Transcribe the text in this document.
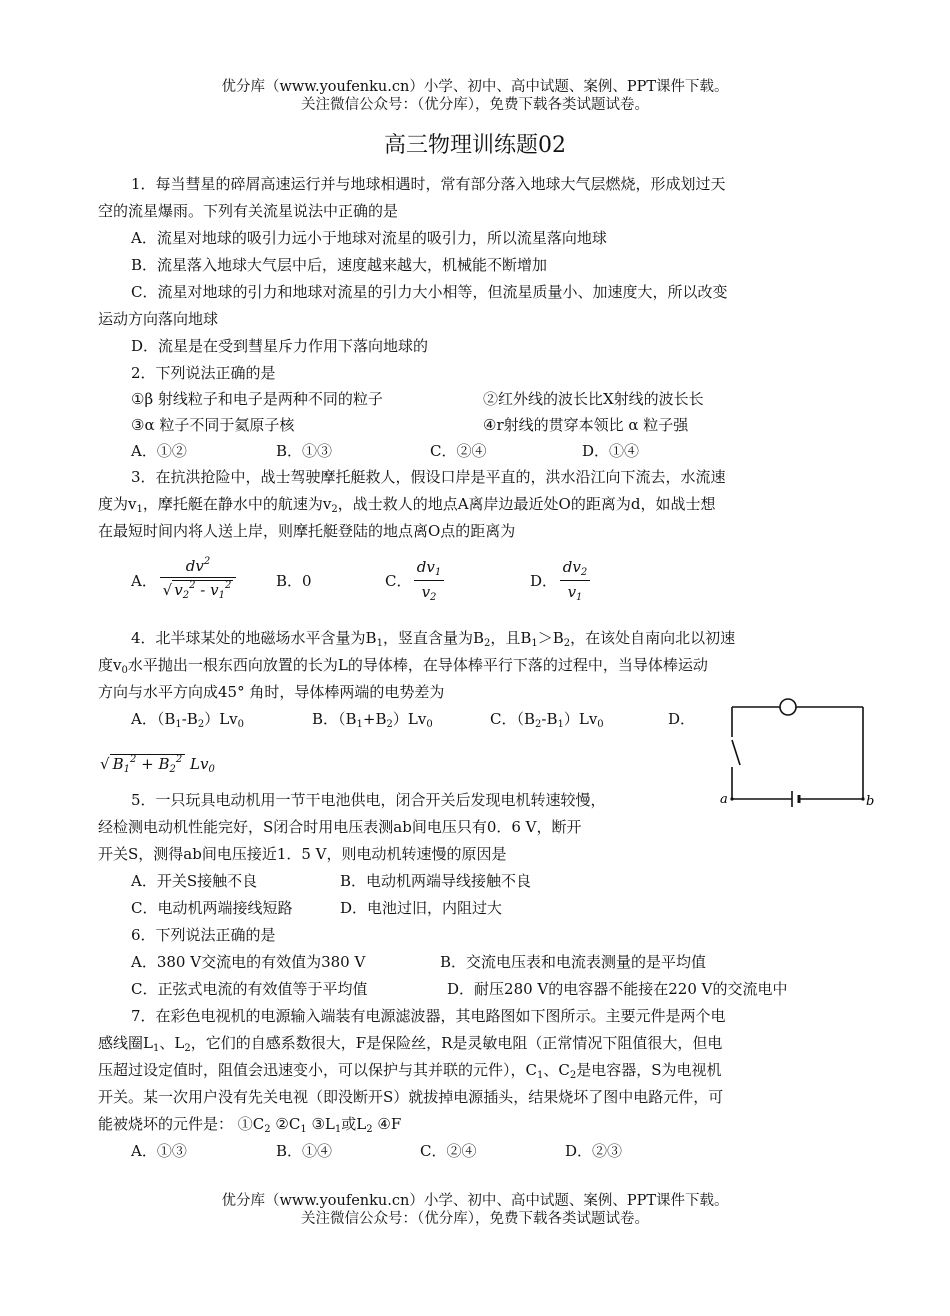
优分库（www.youfenku.cn）小学、初中、高中试题、案例、PPT课件下载。
关注微信公众号：（优分库），免费下载各类试题试卷。
高三物理训练题02
1．每当彗星的碎屑高速运行并与地球相遇时，常有部分落入地球大气层燃烧，形成划过天
空的流星爆雨。下列有关流星说法中正确的是
A．流星对地球的吸引力远小于地球对流星的吸引力，所以流星落向地球
B．流星落入地球大气层中后，速度越来越大，机械能不断增加
C．流星对地球的引力和地球对流星的引力大小相等，但流星质量小、加速度大，所以改变
运动方向落向地球
D．流星是在受到彗星斥力作用下落向地球的
2．下列说法正确的是
①β 射线粒子和电子是两种不同的粒子	②红外线的波长比X射线的波长长
③α 粒子不同于氦原子核	④r射线的贯穿本领比 α 粒子强
A．①②	B．①③	C．②④	D．①④
3．在抗洪抢险中，战士驾驶摩托艇救人，假设口岸是平直的，洪水沿江向下流去，水流速
度为$v_1$，摩托艇在静水中的航速为$v_2$，战士救人的地点A离岸边最近处O的距离为d，如战士想
在最短时间内将人送上岸，则摩托艇登陆的地点离O点的距离为
A．
$dv^2$
√ $v_2^2 - v_1^2$	B．0	C．
$dv_1$
$v_2$
D．
$dv_2$
$v_1$
4．北半球某处的地磁场水平含量为$B_1$，竖直含量为$B_2$，且$B_1>B_2$，在该处自南向北以初速
度$v_0$水平抛出一根东西向放置的长为L的导体棒，在导体棒平行下落的过程中，当导体棒运动
方向与水平方向成45° 角时，导体棒两端的电势差为
A．$(B_1-B_2)Lv_0$	B．$(B_1+B_2)Lv_0$	C．$(B_2-B_1)Lv_0$	D．
√ $B_1^2 + B_2^2$ $Lv_0$
a	b
5．一只玩具电动机用一节干电池供电，闭合开关后发现电机转速较慢，
经检测电动机性能完好，S闭合时用电压表测ab间电压只有0．6 V，断开
开关S，测得ab间电压接近1．5 V，则电动机转速慢的原因是
A．开关S接触不良	B．电动机两端导线接触不良
C．电动机两端接线短路	D．电池过旧，内阻过大
6．下列说法正确的是
A．380 V交流电的有效值为380 V	B．交流电压表和电流表测量的是平均值
C．正弦式电流的有效值等于平均值	D．耐压280 V的电容器不能接在220 V的交流电中
7．在彩色电视机的电源输入端装有电源滤波器，其电路图如下图所示。主要元件是两个电
感线圈$L_1$、$L_2$，它们的自感系数很大，F是保险丝，R是灵敏电阻（正常情况下阻值很大，但电
压超过设定值时，阻值会迅速变小，可以保护与其并联的元件），$C_1$、$C_2$是电容器，S为电视机
开关。某一次用户没有先关电视（即没断开S）就拔掉电源插头，结果烧坏了图中电路元件，可
能被烧坏的元件是： $①C_2$ $②C_1$ $③L_1$或$L_2$ ④F
A．①③	B．①④	C．②④	D．②③
优分库（www.youfenku.cn）小学、初中、高中试题、案例、PPT课件下载。
关注微信公众号：（优分库），免费下载各类试题试卷。
